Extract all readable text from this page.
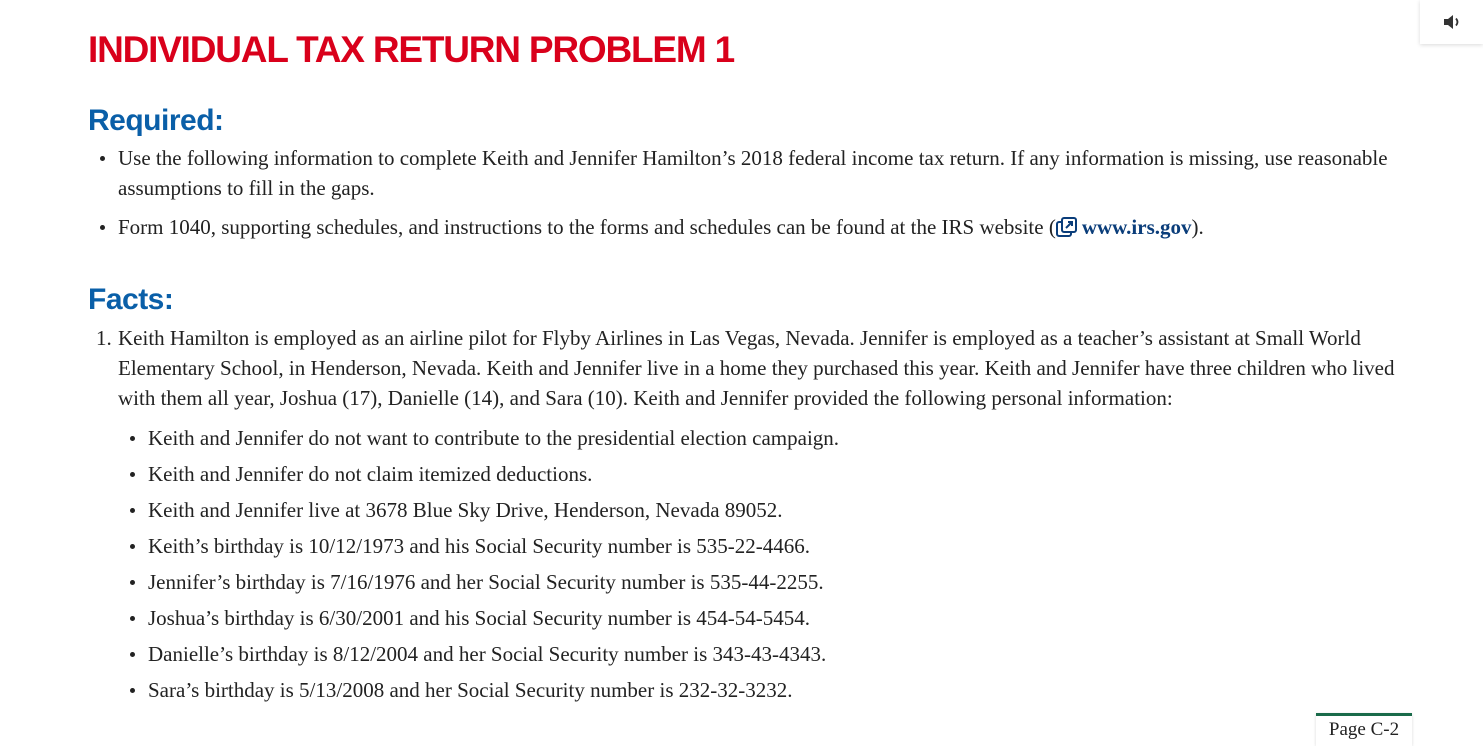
INDIVIDUAL TAX RETURN PROBLEM 1
Required:
Use the following information to complete Keith and Jennifer Hamilton’s 2018 federal income tax return. If any information is missing, use reasonable assumptions to fill in the gaps.
Form 1040, supporting schedules, and instructions to the forms and schedules can be found at the IRS website ( www.irs.gov).
Facts:
1. Keith Hamilton is employed as an airline pilot for Flyby Airlines in Las Vegas, Nevada. Jennifer is employed as a teacher’s assistant at Small World Elementary School, in Henderson, Nevada. Keith and Jennifer live in a home they purchased this year. Keith and Jennifer have three children who lived with them all year, Joshua (17), Danielle (14), and Sara (10). Keith and Jennifer provided the following personal information:
Keith and Jennifer do not want to contribute to the presidential election campaign.
Keith and Jennifer do not claim itemized deductions.
Keith and Jennifer live at 3678 Blue Sky Drive, Henderson, Nevada 89052.
Keith’s birthday is 10/12/1973 and his Social Security number is 535-22-4466.
Jennifer’s birthday is 7/16/1976 and her Social Security number is 535-44-2255.
Joshua’s birthday is 6/30/2001 and his Social Security number is 454-54-5454.
Danielle’s birthday is 8/12/2004 and her Social Security number is 343-43-4343.
Sara’s birthday is 5/13/2008 and her Social Security number is 232-32-3232.
Page C-2
